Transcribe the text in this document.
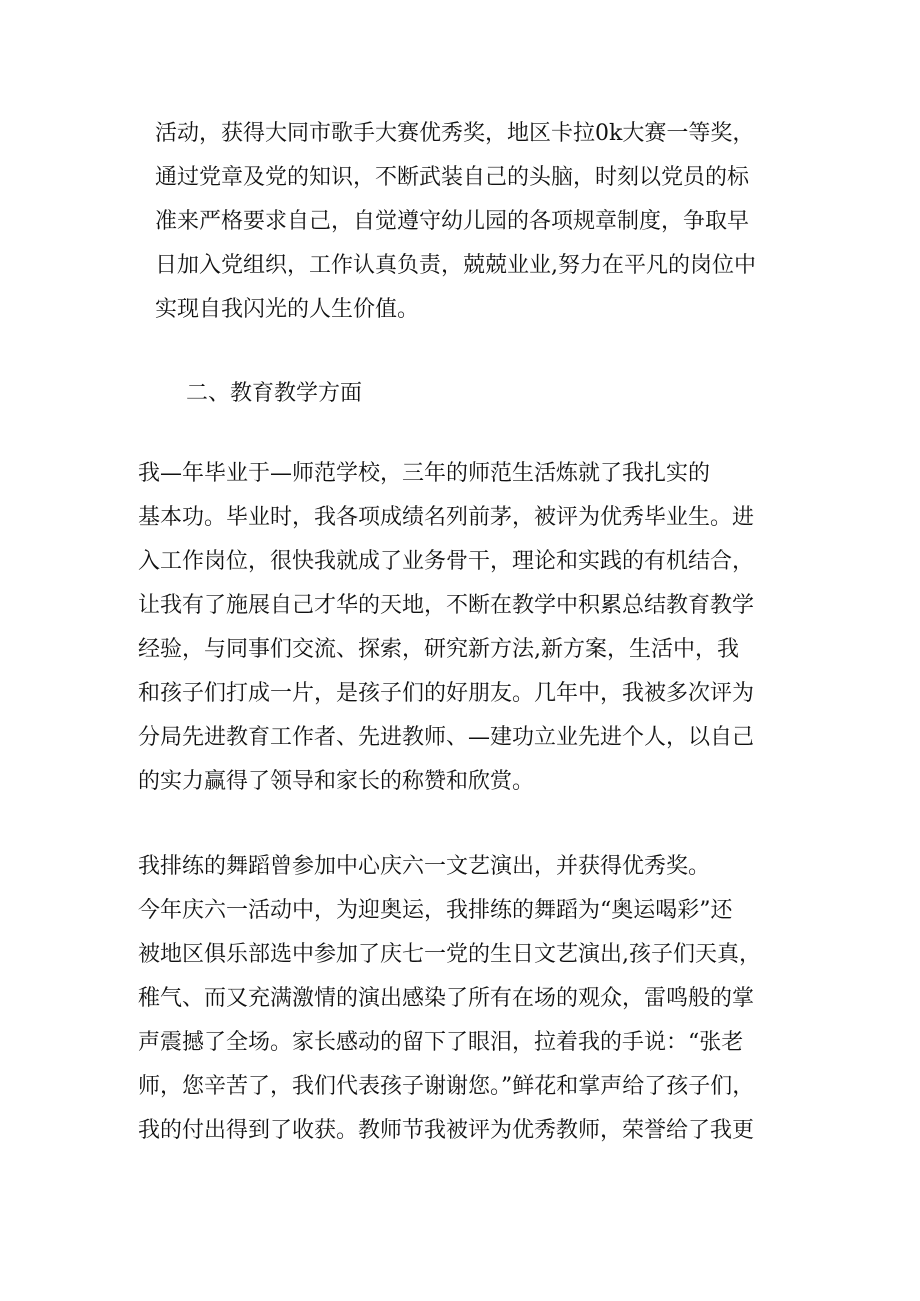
活动，获得大同市歌手大赛优秀奖，地区卡拉0k大赛一等奖，
通过党章及党的知识，不断武装自己的头脑，时刻以党员的标
准来严格要求自己，自觉遵守幼儿园的各项规章制度，争取早
日加入党组织，工作认真负责，兢兢业业,努力在平凡的岗位中
实现自我闪光的人生价值。
二、教育教学方面
我—年毕业于—师范学校，三年的师范生活炼就了我扎实的
基本功。毕业时，我各项成绩名列前茅，被评为优秀毕业生。进
入工作岗位，很快我就成了业务骨干，理论和实践的有机结合，
让我有了施展自己才华的天地，不断在教学中积累总结教育教学
经验，与同事们交流、探索，研究新方法,新方案，生活中，我
和孩子们打成一片，是孩子们的好朋友。几年中，我被多次评为
分局先进教育工作者、先进教师、—建功立业先进个人，以自己
的实力赢得了领导和家长的称赞和欣赏。
我排练的舞蹈曾参加中心庆六一文艺演出，并获得优秀奖。
今年庆六一活动中，为迎奥运，我排练的舞蹈为“奥运喝彩”还
被地区俱乐部选中参加了庆七一党的生日文艺演出,孩子们天真，
稚气、而又充满激情的演出感染了所有在场的观众，雷鸣般的掌
声震撼了全场。家长感动的留下了眼泪，拉着我的手说：“张老
师，您辛苦了，我们代表孩子谢谢您。”鲜花和掌声给了孩子们，
我的付出得到了收获。教师节我被评为优秀教师，荣誉给了我更
